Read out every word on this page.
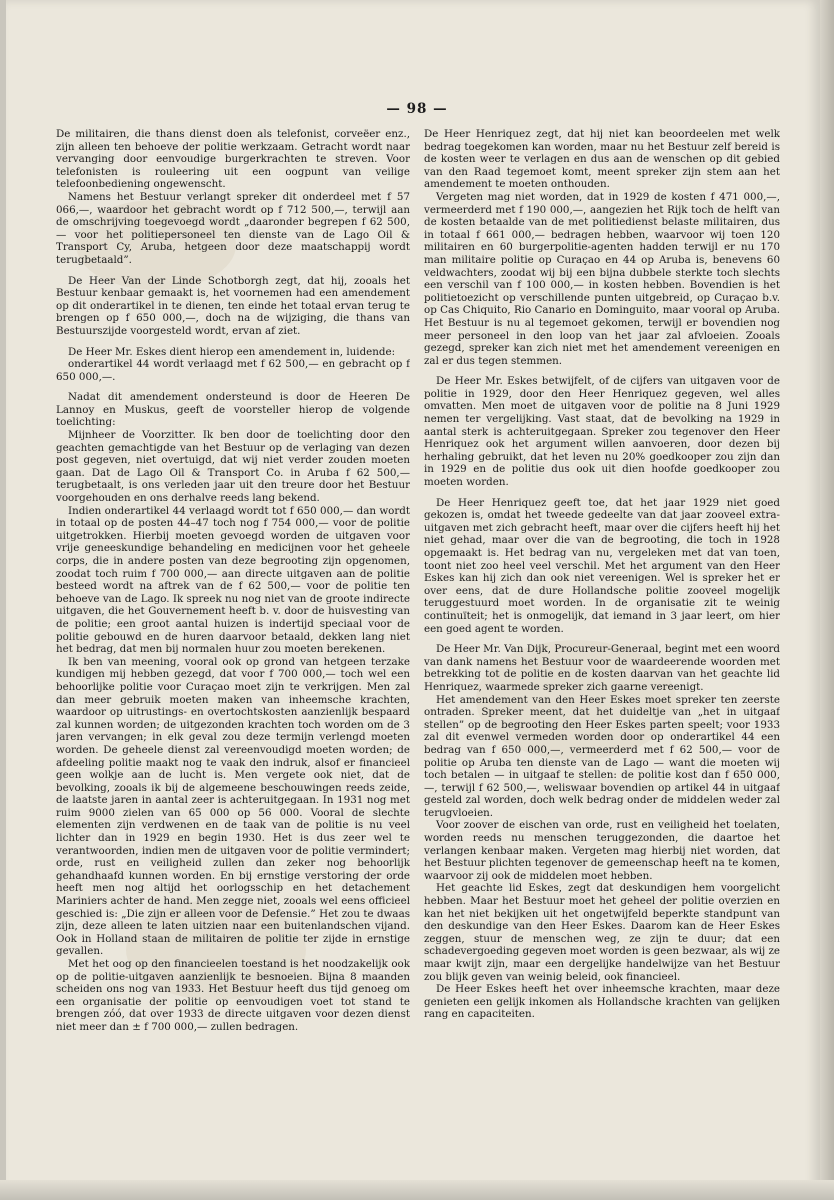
— 98 —

De militairen, die thans dienst doen als telefonist, corveëer enz., zijn alleen ten behoeve der politie werkzaam. Getracht wordt naar vervanging door eenvoudige burgerkrachten te streven. Voor telefonisten is rouleering uit een oogpunt van veilige telefoonbediening ongewenscht.

Namens het Bestuur verlangt spreker dit onderdeel met f 57 066,—, waardoor het gebracht wordt op f 712 500,—, terwijl aan de omschrijving toegevoegd wordt „daaronder begrepen f 62 500,— voor het politiepersoneel ten dienste van de Lago Oil & Transport Cy, Aruba, hetgeen door deze maatschappij wordt terugbetaald”.

De Heer Van der Linde Schotborgh zegt, dat hij, zooals het Bestuur kenbaar gemaakt is, het voornemen had een amendement op dit onderartikel in te dienen, ten einde het totaal ervan terug te brengen op f 650 000,—, doch na de wijziging, die thans van Bestuurszijde voorgesteld wordt, ervan af ziet.

De Heer Mr. Eskes dient hierop een amendement in, luidende:

onderartikel 44 wordt verlaagd met f 62 500,— en gebracht op f 650 000,—.

Nadat dit amendement ondersteund is door de Heeren De Lannoy en Muskus, geeft de voorsteller hierop de volgende toelichting:

Mijnheer de Voorzitter. Ik ben door de toelichting door den geachten gemachtigde van het Bestuur op de verlaging van dezen post gegeven, niet overtuigd, dat wij niet verder zouden moeten gaan. Dat de Lago Oil & Transport Co. in Aruba f 62 500,— terugbetaalt, is ons verleden jaar uit den treure door het Bestuur voorgehouden en ons derhalve reeds lang bekend.

Indien onderartikel 44 verlaagd wordt tot f 650 000,— dan wordt in totaal op de posten 44–47 toch nog f 754 000,— voor de politie uitgetrokken. Hierbij moeten gevoegd worden de uitgaven voor vrije geneeskundige behandeling en medicijnen voor het geheele corps, die in andere posten van deze begrooting zijn opgenomen, zoodat toch ruim f 700 000,— aan directe uitgaven aan de politie besteed wordt na aftrek van de f 62 500,— voor de politie ten behoeve van de Lago. Ik spreek nu nog niet van de groote indirecte uitgaven, die het Gouvernement heeft b. v. door de huisvesting van de politie; een groot aantal huizen is indertijd speciaal voor de politie gebouwd en de huren daarvoor betaald, dekken lang niet het bedrag, dat men bij normalen huur zou moeten berekenen.

Ik ben van meening, vooral ook op grond van hetgeen terzake kundigen mij hebben gezegd, dat voor f 700 000,— toch wel een behoorlijke politie voor Curaçao moet zijn te verkrijgen. Men zal dan meer gebruik moeten maken van inheemsche krachten, waardoor op uitrustings- en overtochtskosten aanzienlijk bespaard zal kunnen worden; de uitgezonden krachten toch worden om de 3 jaren vervangen; in elk geval zou deze termijn verlengd moeten worden. De geheele dienst zal vereenvoudigd moeten worden; de afdeeling politie maakt nog te vaak den indruk, alsof er financieel geen wolkje aan de lucht is. Men vergete ook niet, dat de bevolking, zooals ik bij de algemeene beschouwingen reeds zeide, de laatste jaren in aantal zeer is achteruitgegaan. In 1931 nog met ruim 9000 zielen van 65 000 op 56 000. Vooral de slechte elementen zijn verdwenen en de taak van de politie is nu veel lichter dan in 1929 en begin 1930. Het is dus zeer wel te verantwoorden, indien men de uitgaven voor de politie vermindert; orde, rust en veiligheid zullen dan zeker nog behoorlijk gehandhaafd kunnen worden. En bij ernstige verstoring der orde heeft men nog altijd het oorlogsschip en het detachement Mariniers achter de hand. Men zegge niet, zooals wel eens officieel geschied is: „Die zijn er alleen voor de Defensie.” Het zou te dwaas zijn, deze alleen te laten uitzien naar een buitenlandschen vijand. Ook in Holland staan de militairen de politie ter zijde in ernstige gevallen.

Met het oog op den financieelen toestand is het noodzakelijk ook op de politie-uitgaven aanzienlijk te besnoeien. Bijna 8 maanden scheiden ons nog van 1933. Het Bestuur heeft dus tijd genoeg om een organisatie der politie op eenvoudigen voet tot stand te brengen zóó, dat over 1933 de directe uitgaven voor dezen dienst niet meer dan ± f 700 000,— zullen bedragen.

De Heer Henriquez zegt, dat hij niet kan beoordeelen met welk bedrag toegekomen kan worden, maar nu het Bestuur zelf bereid is de kosten weer te verlagen en dus aan de wenschen op dit gebied van den Raad tegemoet komt, meent spreker zijn stem aan het amendement te moeten onthouden.

Vergeten mag niet worden, dat in 1929 de kosten f 471 000,—, vermeerderd met f 190 000,—, aangezien het Rijk toch de helft van de kosten betaalde van de met politiedienst belaste militairen, dus in totaal f 661 000,— bedragen hebben, waarvoor wij toen 120 militairen en 60 burgerpolitie-agenten hadden terwijl er nu 170 man militaire politie op Curaçao en 44 op Aruba is, benevens 60 veldwachters, zoodat wij bij een bijna dubbele sterkte toch slechts een verschil van f 100 000,— in kosten hebben. Bovendien is het politietoezicht op verschillende punten uitgebreid, op Curaçao b.v. op Cas Chiquito, Rio Canario en Dominguito, maar vooral op Aruba. Het Bestuur is nu al tegemoet gekomen, terwijl er bovendien nog meer personeel in den loop van het jaar zal afvloeien. Zooals gezegd, spreker kan zich niet met het amendement vereenigen en zal er dus tegen stemmen.

De Heer Mr. Eskes betwijfelt, of de cijfers van uitgaven voor de politie in 1929, door den Heer Henriquez gegeven, wel alles omvatten. Men moet de uitgaven voor de politie na 8 Juni 1929 nemen ter vergelijking. Vast staat, dat de bevolking na 1929 in aantal sterk is achteruitgegaan. Spreker zou tegenover den Heer Henriquez ook het argument willen aanvoeren, door dezen bij herhaling gebruikt, dat het leven nu 20% goedkooper zou zijn dan in 1929 en de politie dus ook uit dien hoofde goedkooper zou moeten worden.

De Heer Henriquez geeft toe, dat het jaar 1929 niet goed gekozen is, omdat het tweede gedeelte van dat jaar zooveel extra-uitgaven met zich gebracht heeft, maar over die cijfers heeft hij het niet gehad, maar over die van de begrooting, die toch in 1928 opgemaakt is. Het bedrag van nu, vergeleken met dat van toen, toont niet zoo heel veel verschil. Met het argument van den Heer Eskes kan hij zich dan ook niet vereenigen. Wel is spreker het er over eens, dat de dure Hollandsche politie zooveel mogelijk teruggestuurd moet worden. In de organisatie zit te weinig continuïteit; het is onmogelijk, dat iemand in 3 jaar leert, om hier een goed agent te worden.

De Heer Mr. Van Dijk, Procureur-Generaal, begint met een woord van dank namens het Bestuur voor de waardeerende woorden met betrekking tot de politie en de kosten daarvan van het geachte lid Henriquez, waarmede spreker zich gaarne vereenigt.

Het amendement van den Heer Eskes moet spreker ten zeerste ontraden. Spreker meent, dat het duideltje van „het in uitgaaf stellen” op de begrooting den Heer Eskes parten speelt; voor 1933 zal dit evenwel vermeden worden door op onderartikel 44 een bedrag van f 650 000,—, vermeerderd met f 62 500,— voor de politie op Aruba ten dienste van de Lago — want die moeten wij toch betalen — in uitgaaf te stellen: de politie kost dan f 650 000,—, terwijl f 62 500,—, weliswaar bovendien op artikel 44 in uitgaaf gesteld zal worden, doch welk bedrag onder de middelen weder zal terugvloeien.

Voor zoover de eischen van orde, rust en veiligheid het toelaten, worden reeds nu menschen teruggezonden, die daartoe het verlangen kenbaar maken. Vergeten mag hierbij niet worden, dat het Bestuur plichten tegenover de gemeenschap heeft na te komen, waarvoor zij ook de middelen moet hebben.

Het geachte lid Eskes, zegt dat deskundigen hem voorgelicht hebben. Maar het Bestuur moet het geheel der politie overzien en kan het niet bekijken uit het ongetwijfeld beperkte standpunt van den deskundige van den Heer Eskes. Daarom kan de Heer Eskes zeggen, stuur de menschen weg, ze zijn te duur; dat een schadevergoeding gegeven moet worden is geen bezwaar, als wij ze maar kwijt zijn, maar een dergelijke handelwijze van het Bestuur zou blijk geven van weinig beleid, ook financieel.

De Heer Eskes heeft het over inheemsche krachten, maar deze genieten een gelijk inkomen als Hollandsche krachten van gelijken rang en capaciteiten.
